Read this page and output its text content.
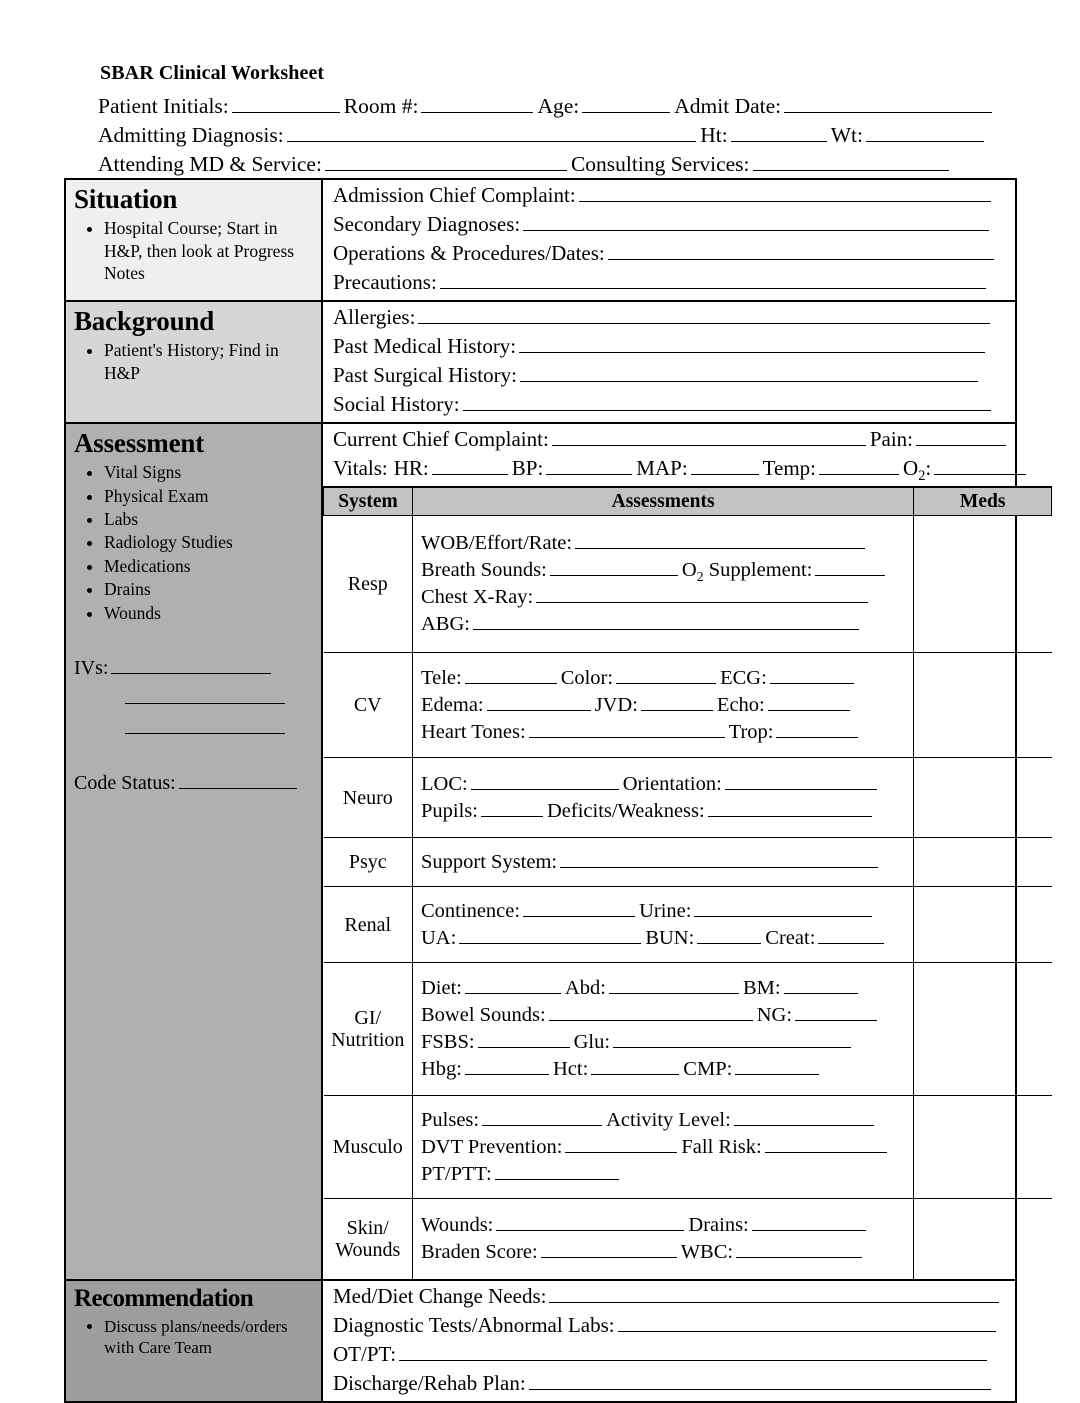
SBAR Clinical Worksheet
Patient Initials:	Room #:	Age:	Admit Date:
Admitting Diagnosis:	Ht:	Wt:
Attending MD & Service:	Consulting Services:
Situation
• Hospital Course; Start in H&P, then look at Progress Notes
Admission Chief Complaint:
Secondary Diagnoses:
Operations & Procedures/Dates:
Precautions:
Background
• Patient's History; Find in H&P
Allergies:
Past Medical History:
Past Surgical History:
Social History:
Assessment
• Vital Signs
• Physical Exam
• Labs
• Radiology Studies
• Medications
• Drains
• Wounds
IVs:
Code Status:
Current Chief Complaint:	Pain:
Vitals: HR:	BP:	MAP:	Temp:	$O_2$:
System	Assessments	Meds
Resp	WOB/Effort/Rate:
Breath Sounds: $O_2$ Supplement:
Chest X-Ray:
ABG:	

CV	
Tele:	Color:	ECG:
Edema:	JVD:	Echo:
Heart Tones:	Trop:

Neuro	LOC: Orientation:
Pupils: Deficits/Weakness:	

Psyc	Support System:	

Renal	Continence: Urine:
UA: BUN: Creat:	

GI/
Nutrition	
Diet:	Abd:	BM:
Bowel Sounds:	NG:
FSBS:	Glu:
Hbg:	Hct:	CMP:

Musculo	Pulses: Activity Level:
DVT Prevention: Fall Risk:
PT/PTT:	

Skin/
Wounds	
Wounds:	Drains:
Braden Score:	WBC:

Recommendation
• Discuss plans/needs/orders with Care Team
Med/Diet Change Needs:
Diagnostic Tests/Abnormal Labs:
OT/PT:
Discharge/Rehab Plan:
